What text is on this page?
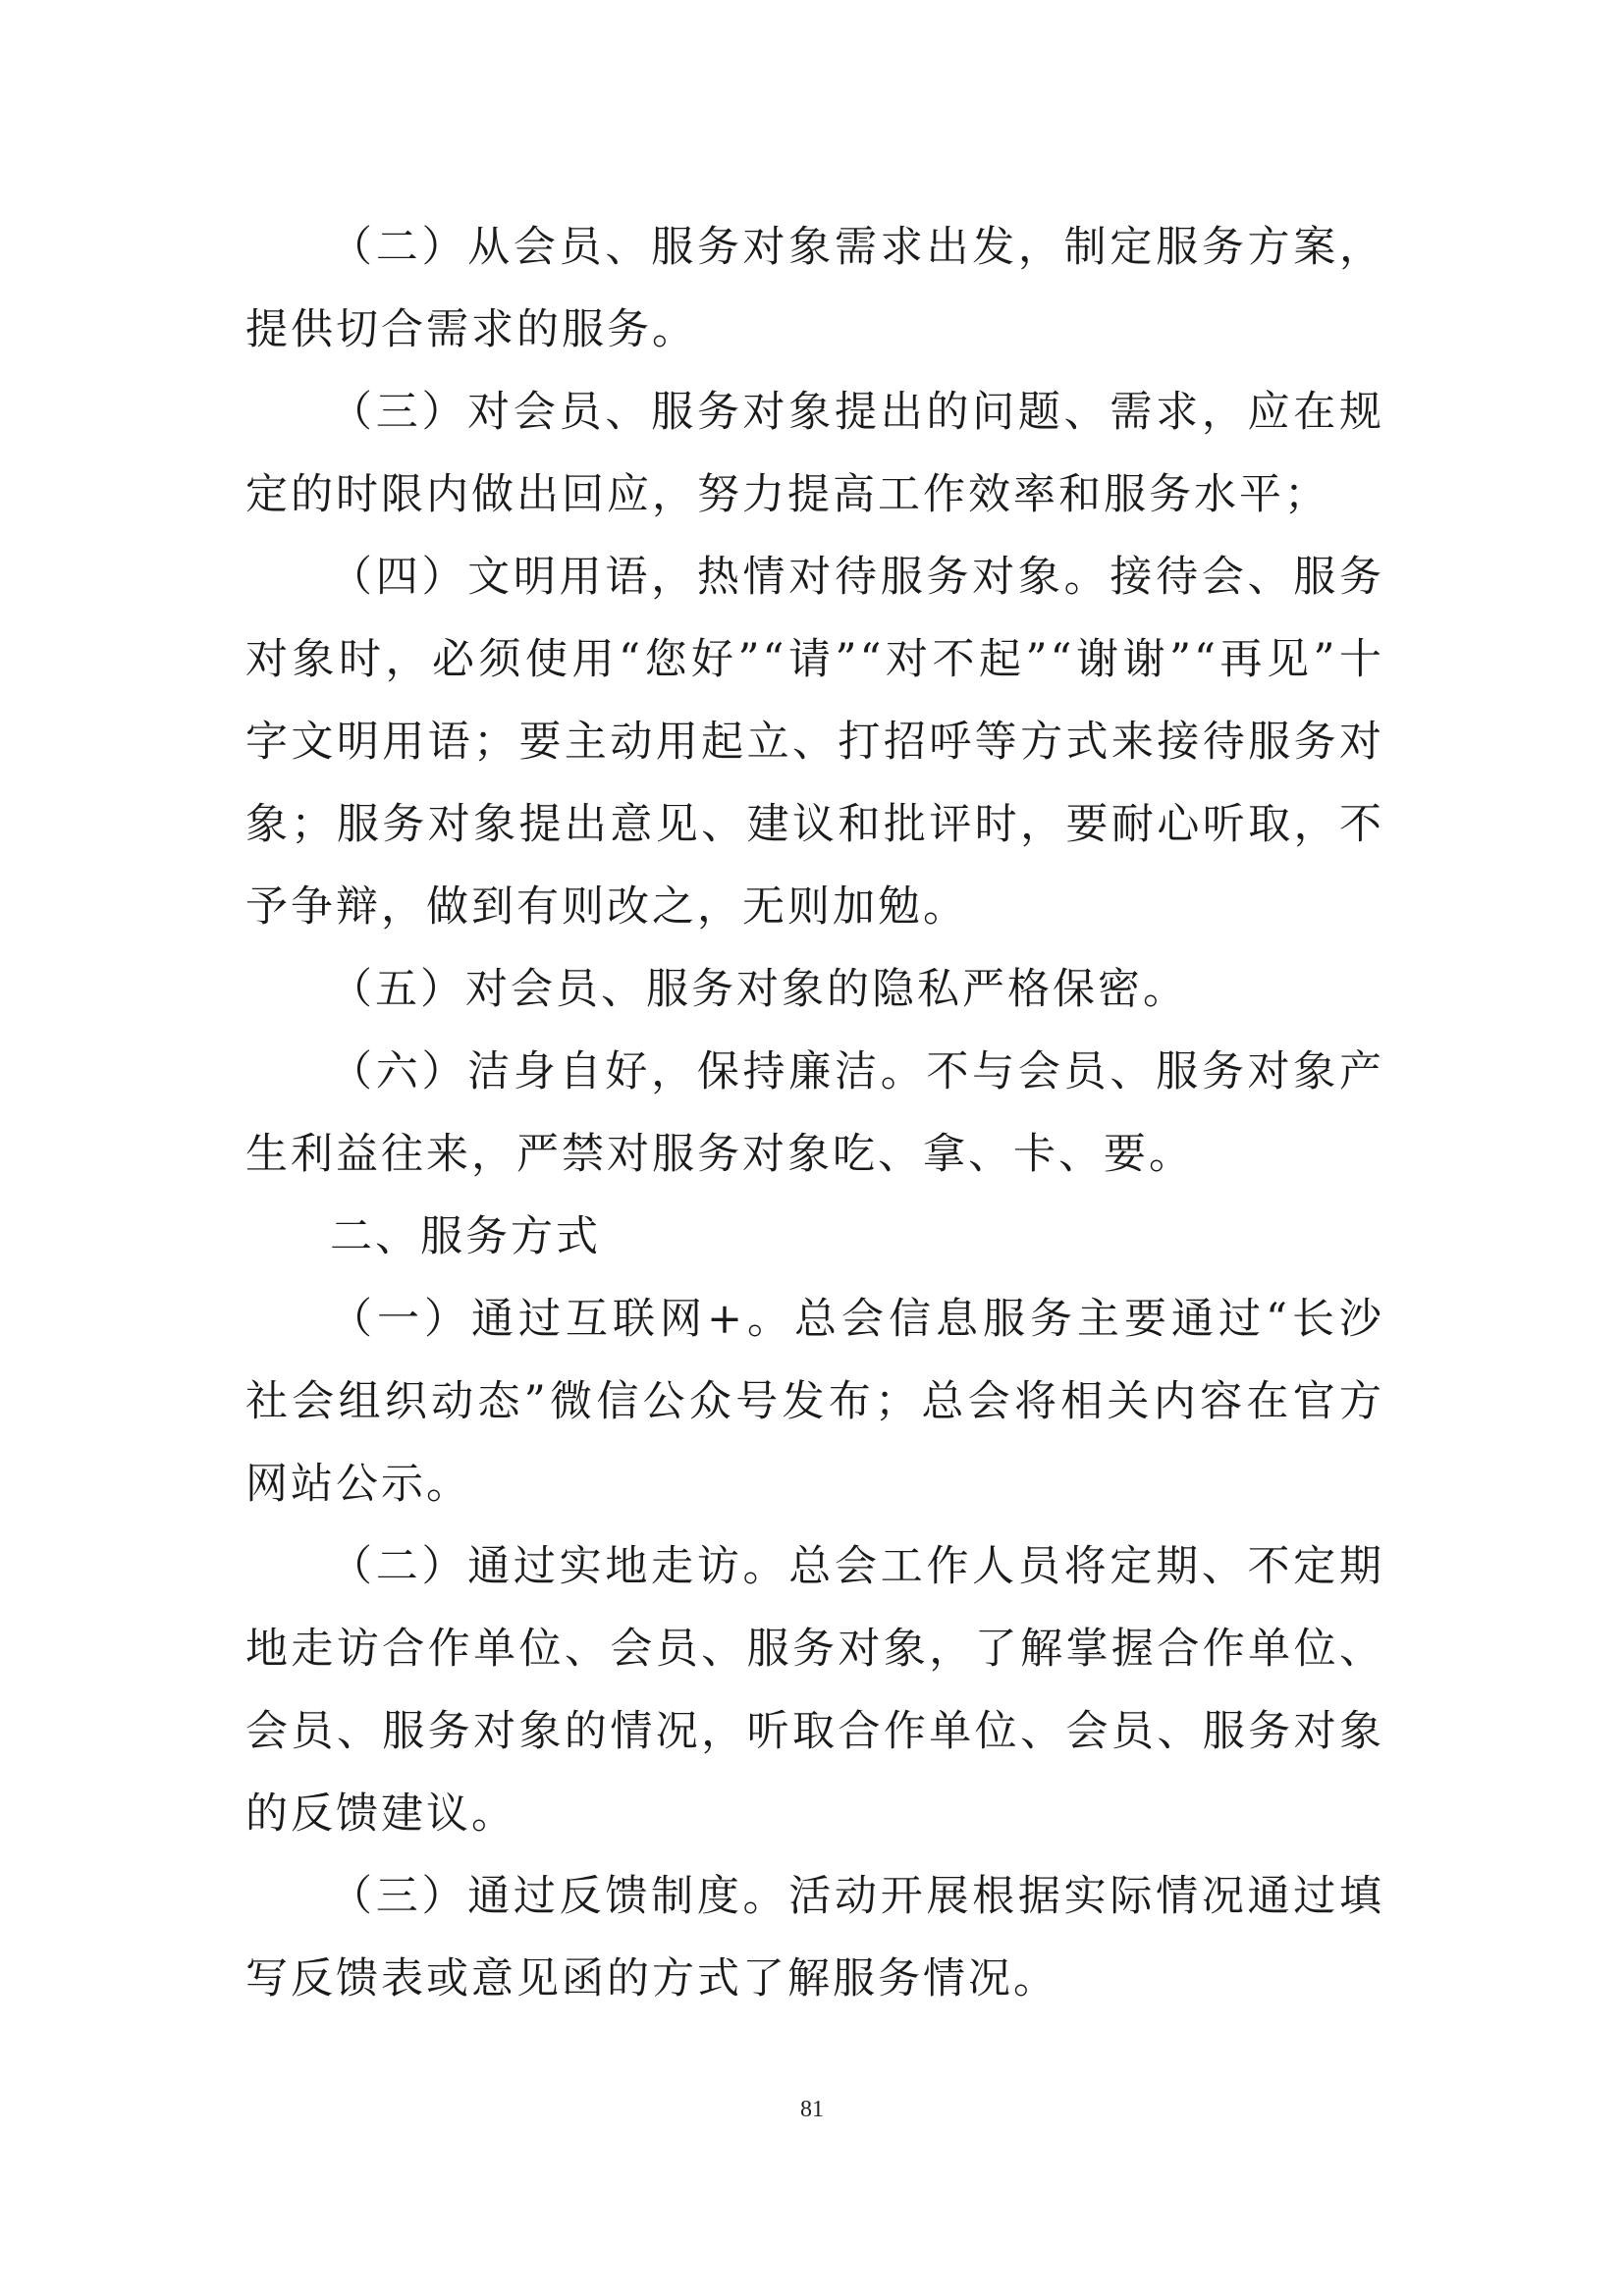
（二）从会员、服务对象需求出发，制定服务方案，提供切合需求的服务。

（三）对会员、服务对象提出的问题、需求，应在规定的时限内做出回应，努力提高工作效率和服务水平；

（四）文明用语，热情对待服务对象。接待会、服务对象时，必须使用“您好”“请”“对不起”“谢谢”“再见”十字文明用语；要主动用起立、打招呼等方式来接待服务对象；服务对象提出意见、建议和批评时，要耐心听取，不予争辩，做到有则改之，无则加勉。

（五）对会员、服务对象的隐私严格保密。

（六）洁身自好，保持廉洁。不与会员、服务对象产生利益往来，严禁对服务对象吃、拿、卡、要。

二、服务方式

（一）通过互联网+。总会信息服务主要通过“长沙社会组织动态”微信公众号发布；总会将相关内容在官方网站公示。

（二）通过实地走访。总会工作人员将定期、不定期地走访合作单位、会员、服务对象，了解掌握合作单位、会员、服务对象的情况，听取合作单位、会员、服务对象的反馈建议。

（三）通过反馈制度。活动开展根据实际情况通过填写反馈表或意见函的方式了解服务情况。

81
